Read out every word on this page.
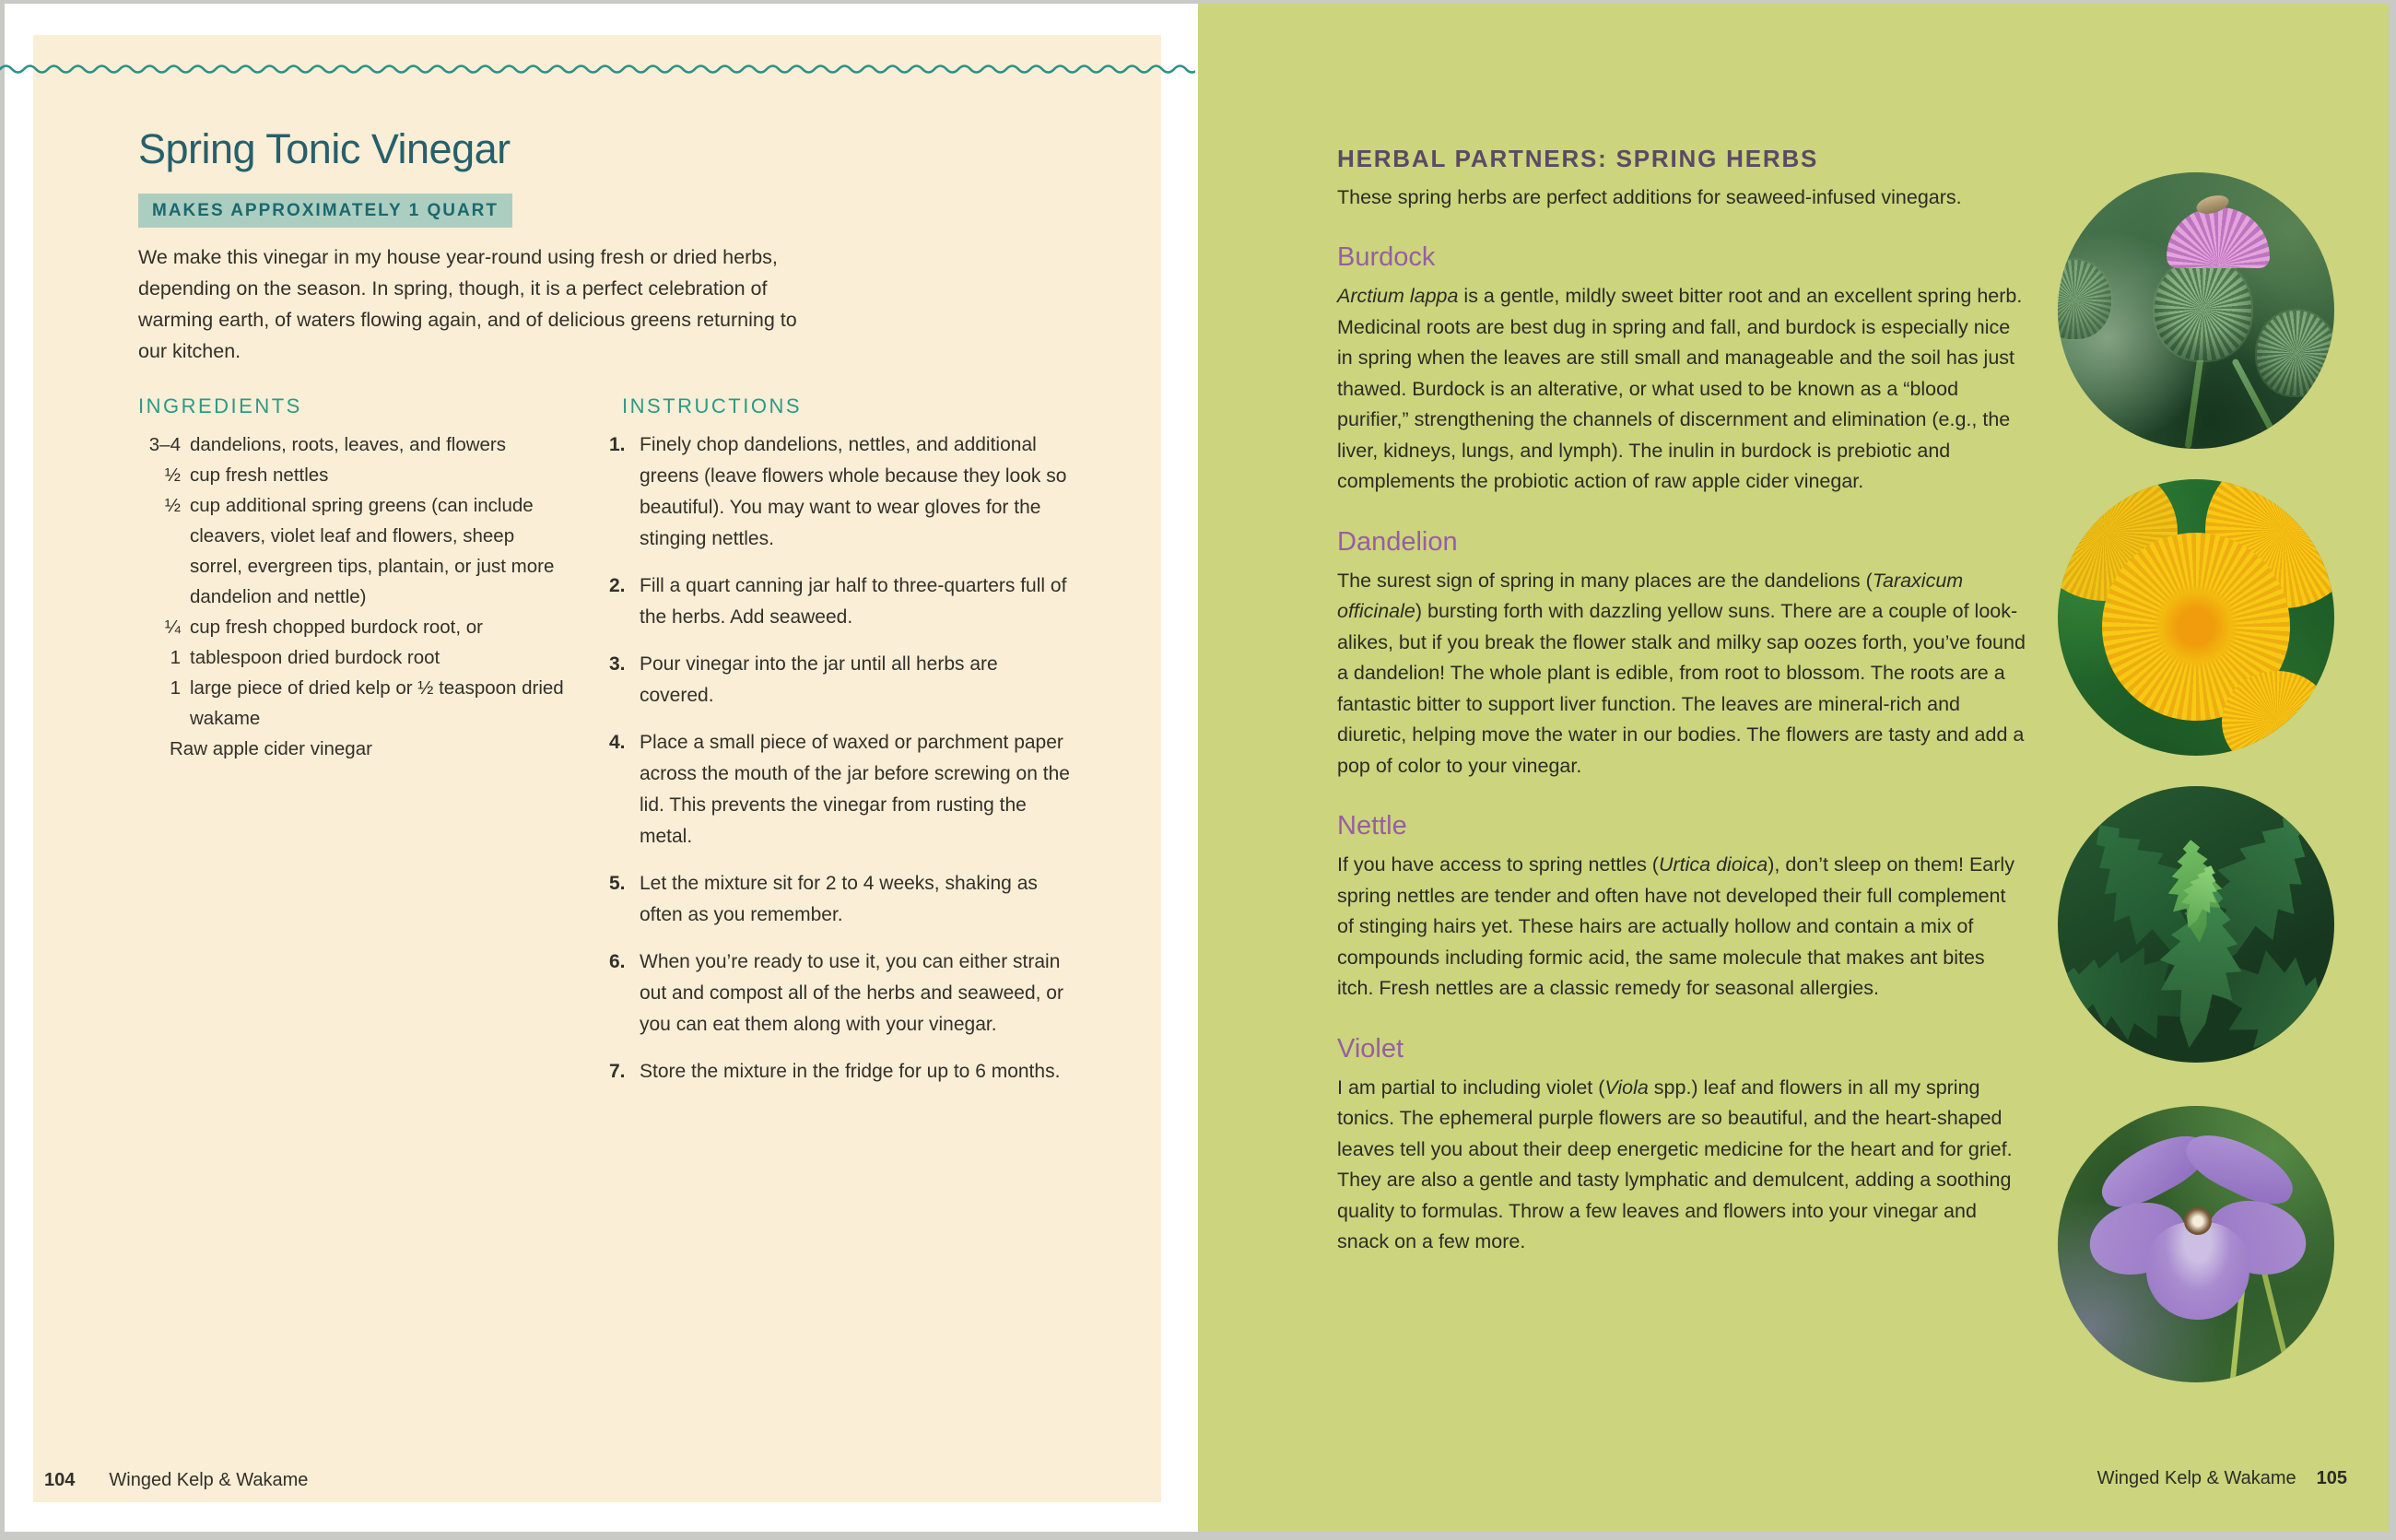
Spring Tonic Vinegar
MAKES APPROXIMATELY 1 QUART

We make this vinegar in my house year-round using fresh or dried herbs, depending on the season. In spring, though, it is a perfect celebration of warming earth, of waters flowing again, and of delicious greens returning to our kitchen.

INGREDIENTS
3–4 dandelions, roots, leaves, and flowers
½ cup fresh nettles
½ cup additional spring greens (can include cleavers, violet leaf and flowers, sheep sorrel, evergreen tips, plantain, or just more dandelion and nettle)
¼ cup fresh chopped burdock root, or
1 tablespoon dried burdock root
1 large piece of dried kelp or ½ teaspoon dried wakame
Raw apple cider vinegar
INSTRUCTIONS
1. Finely chop dandelions, nettles, and additional greens (leave flowers whole because they look so beautiful). You may want to wear gloves for the stinging nettles.
2. Fill a quart canning jar half to three-quarters full of the herbs. Add seaweed.
3. Pour vinegar into the jar until all herbs are covered.
4. Place a small piece of waxed or parchment paper across the mouth of the jar before screwing on the lid. This prevents the vinegar from rusting the metal.
5. Let the mixture sit for 2 to 4 weeks, shaking as often as you remember.
6. When you’re ready to use it, you can either strain out and compost all of the herbs and seaweed, or you can eat them along with your vinegar.
7. Store the mixture in the fridge for up to 6 months.
104 Winged Kelp & Wakame
HERBAL PARTNERS: SPRING HERBS

These spring herbs are perfect additions for seaweed-infused vinegars.

Burdock

Arctium lappa is a gentle, mildly sweet bitter root and an excellent spring herb. Medicinal roots are best dug in spring and fall, and burdock is especially nice in spring when the leaves are still small and manageable and the soil has just thawed. Burdock is an alterative, or what used to be known as a “blood purifier,” strengthening the channels of discernment and elimination (e.g., the liver, kidneys, lungs, and lymph). The inulin in burdock is prebiotic and complements the probiotic action of raw apple cider vinegar.

Dandelion

The surest sign of spring in many places are the dandelions (Taraxicum officinale) bursting forth with dazzling yellow suns. There are a couple of look-alikes, but if you break the flower stalk and milky sap oozes forth, you’ve found a dandelion! The whole plant is edible, from root to blossom. The roots are a fantastic bitter to support liver function. The leaves are mineral-rich and diuretic, helping move the water in our bodies. The flowers are tasty and add a pop of color to your vinegar.

Nettle

If you have access to spring nettles (Urtica dioica), don’t sleep on them! Early spring nettles are tender and often have not developed their full complement of stinging hairs yet. These hairs are actually hollow and contain a mix of compounds including formic acid, the same molecule that makes ant bites itch. Fresh nettles are a classic remedy for seasonal allergies.

Violet

I am partial to including violet (Viola spp.) leaf and flowers in all my spring tonics. The ephemeral purple flowers are so beautiful, and the heart-shaped leaves tell you about their deep energetic medicine for the heart and for grief. They are also a gentle and tasty lymphatic and demulcent, adding a soothing quality to formulas. Throw a few leaves and flowers into your vinegar and snack on a few more.

Winged Kelp & Wakame 105
